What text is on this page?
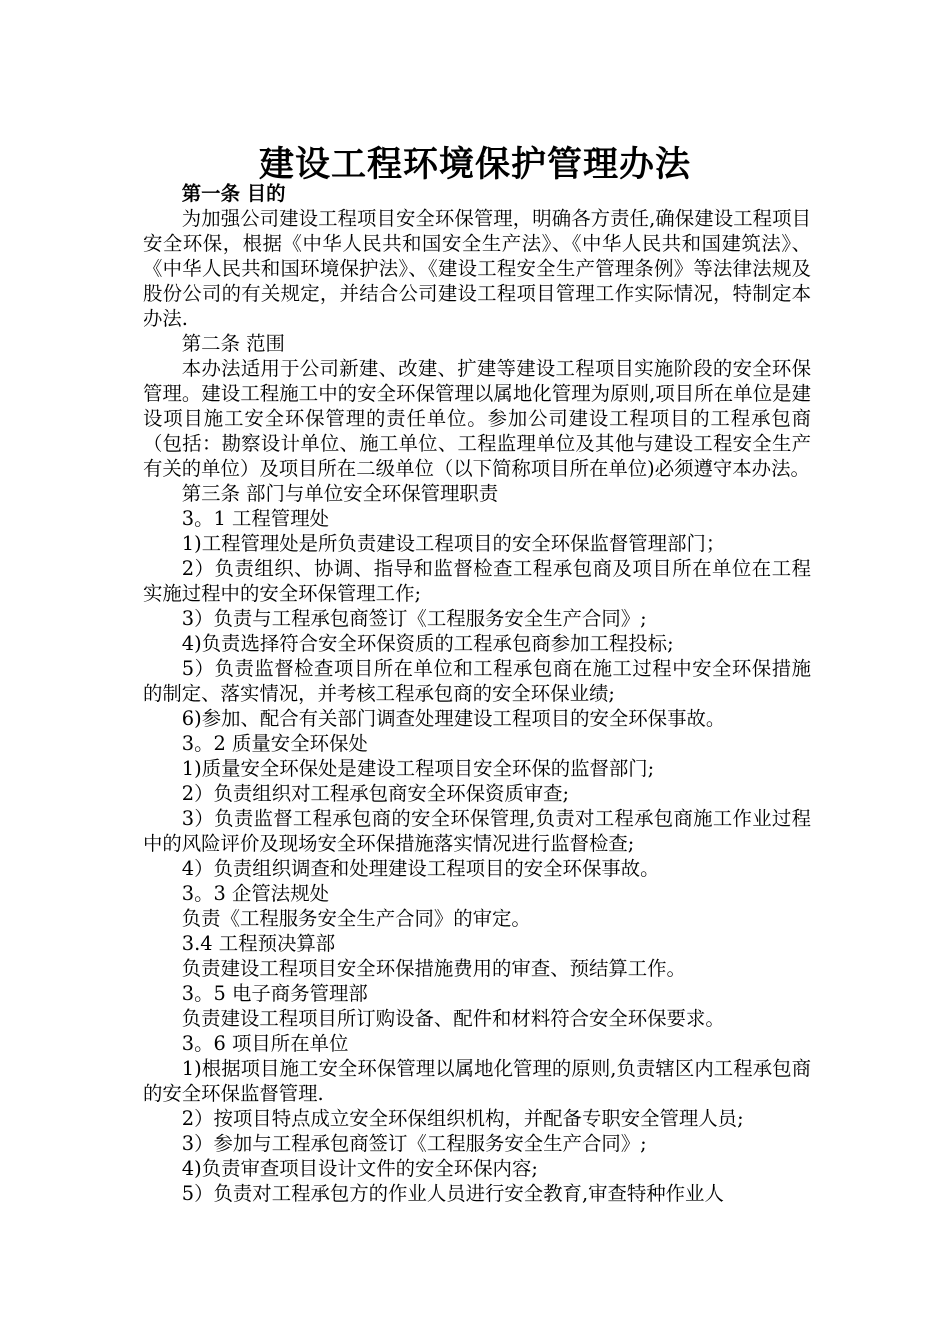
建设工程环境保护管理办法
第一条 目的
为加强公司建设工程项目安全环保管理，明确各方责任,确保建设工程项目安全环保，根据《中华人民共和国安全生产法》、《中华人民共和国建筑法》、《中华人民共和国环境保护法》、《建设工程安全生产管理条例》等法律法规及股份公司的有关规定，并结合公司建设工程项目管理工作实际情况，特制定本办法.
第二条 范围
本办法适用于公司新建、改建、扩建等建设工程项目实施阶段的安全环保管理。建设工程施工中的安全环保管理以属地化管理为原则,项目所在单位是建设项目施工安全环保管理的责任单位。参加公司建设工程项目的工程承包商（包括：勘察设计单位、施工单位、工程监理单位及其他与建设工程安全生产有关的单位）及项目所在二级单位（以下简称项目所在单位)必须遵守本办法。
第三条 部门与单位安全环保管理职责
3。1 工程管理处
1)工程管理处是所负责建设工程项目的安全环保监督管理部门；
2）负责组织、协调、指导和监督检查工程承包商及项目所在单位在工程实施过程中的安全环保管理工作;
3）负责与工程承包商签订《工程服务安全生产合同》;
4)负责选择符合安全环保资质的工程承包商参加工程投标;
5）负责监督检查项目所在单位和工程承包商在施工过程中安全环保措施的制定、落实情况，并考核工程承包商的安全环保业绩;
6)参加、配合有关部门调查处理建设工程项目的安全环保事故。
3。2 质量安全环保处
1)质量安全环保处是建设工程项目安全环保的监督部门;
2）负责组织对工程承包商安全环保资质审查;
3）负责监督工程承包商的安全环保管理,负责对工程承包商施工作业过程中的风险评价及现场安全环保措施落实情况进行监督检查;
4）负责组织调查和处理建设工程项目的安全环保事故。
3。3 企管法规处
负责《工程服务安全生产合同》的审定。
3.4 工程预决算部
负责建设工程项目安全环保措施费用的审查、预结算工作。
3。5 电子商务管理部
负责建设工程项目所订购设备、配件和材料符合安全环保要求。
3。6 项目所在单位
1)根据项目施工安全环保管理以属地化管理的原则,负责辖区内工程承包商的安全环保监督管理.
2）按项目特点成立安全环保组织机构，并配备专职安全管理人员;
3）参加与工程承包商签订《工程服务安全生产合同》;
4)负责审查项目设计文件的安全环保内容;
5）负责对工程承包方的作业人员进行安全教育,审查特种作业人
